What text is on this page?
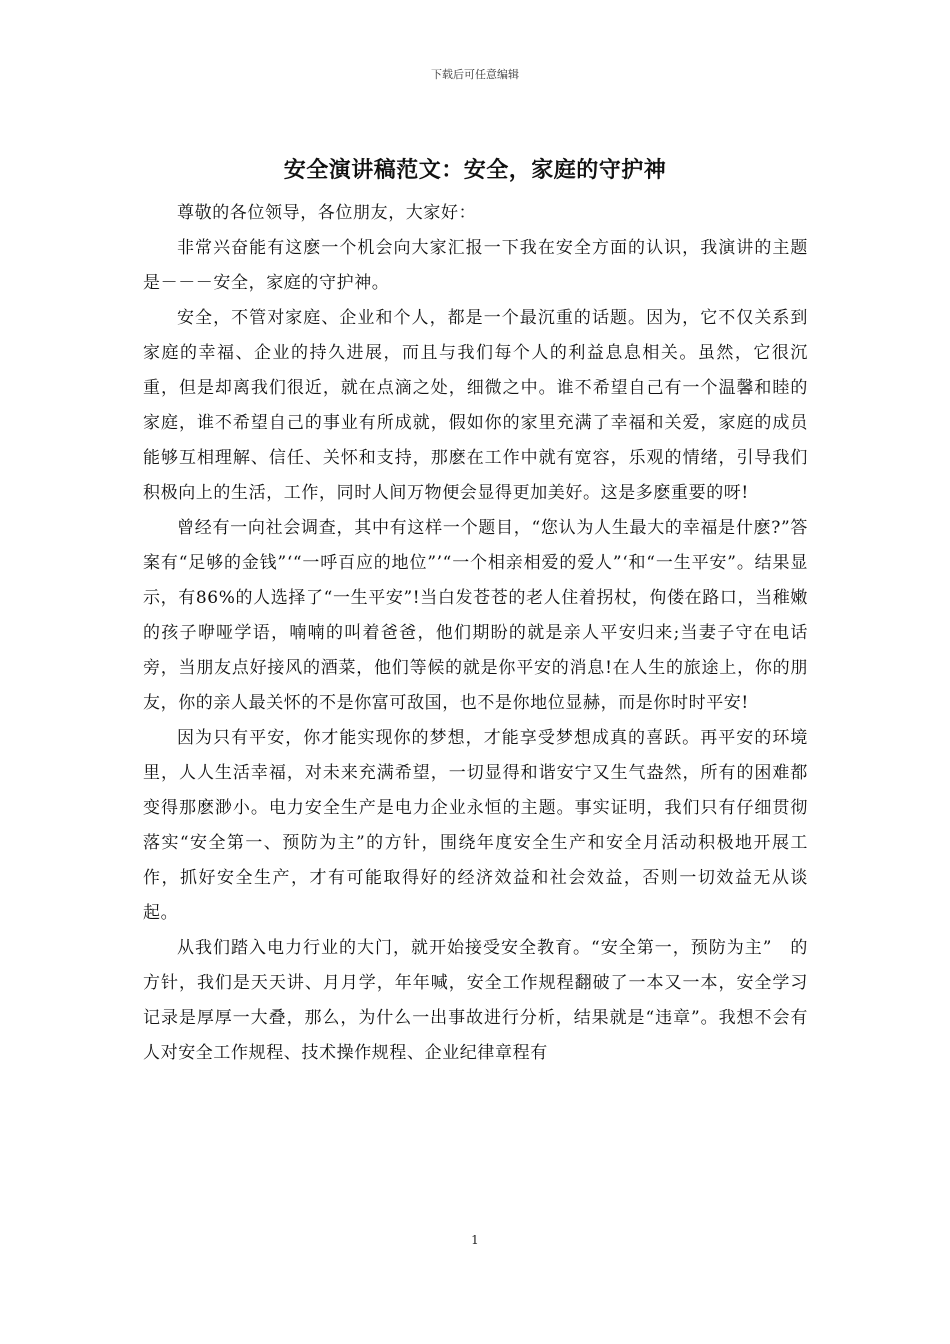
下载后可任意编辑
安全演讲稿范文：安全，家庭的守护神

尊敬的各位领导，各位朋友，大家好：

非常兴奋能有这麽一个机会向大家汇报一下我在安全方面的认识，我演讲的主题是－－－安全，家庭的守护神。

安全，不管对家庭、企业和个人，都是一个最沉重的话题。因为，它不仅关系到家庭的幸福、企业的持久进展，而且与我们每个人的利益息息相关。虽然，它很沉重，但是却离我们很近，就在点滴之处，细微之中。谁不希望自己有一个温馨和睦的家庭，谁不希望自己的事业有所成就，假如你的家里充满了幸福和关爱，家庭的成员能够互相理解、信任、关怀和支持，那麽在工作中就有宽容，乐观的情绪，引导我们积极向上的生活，工作，同时人间万物便会显得更加美好。这是多麽重要的呀!

曾经有一向社会调查，其中有这样一个题目，“您认为人生最大的幸福是什麽?”答案有“足够的金钱”‘“一呼百应的地位”’“一个相亲相爱的爱人”‘和“一生平安”。结果显示，有86%的人选择了“一生平安”!当白发苍苍的老人住着拐杖，佝偻在路口，当稚嫩的孩子咿哑学语，喃喃的叫着爸爸，他们期盼的就是亲人平安归来;当妻子守在电话旁，当朋友点好接风的酒菜，他们等候的就是你平安的消息!在人生的旅途上，你的朋友，你的亲人最关怀的不是你富可敌国，也不是你地位显赫，而是你时时平安!

因为只有平安，你才能实现你的梦想，才能享受梦想成真的喜跃。再平安的环境里，人人生活幸福，对未来充满希望，一切显得和谐安宁又生气盎然，所有的困难都变得那麽渺小。电力安全生产是电力企业永恒的主题。事实证明，我们只有仔细贯彻落实“安全第一、预防为主”的方针，围绕年度安全生产和安全月活动积极地开展工作，抓好安全生产，才有可能取得好的经济效益和社会效益，否则一切效益无从谈起。

从我们踏入电力行业的大门，就开始接受安全教育。“安全第一，预防为主”　的方针，我们是天天讲、月月学，年年喊，安全工作规程翻破了一本又一本，安全学习记录是厚厚一大叠，那么，为什么一出事故进行分析，结果就是“违章”。我想不会有人对安全工作规程、技术操作规程、企业纪律章程有

1
